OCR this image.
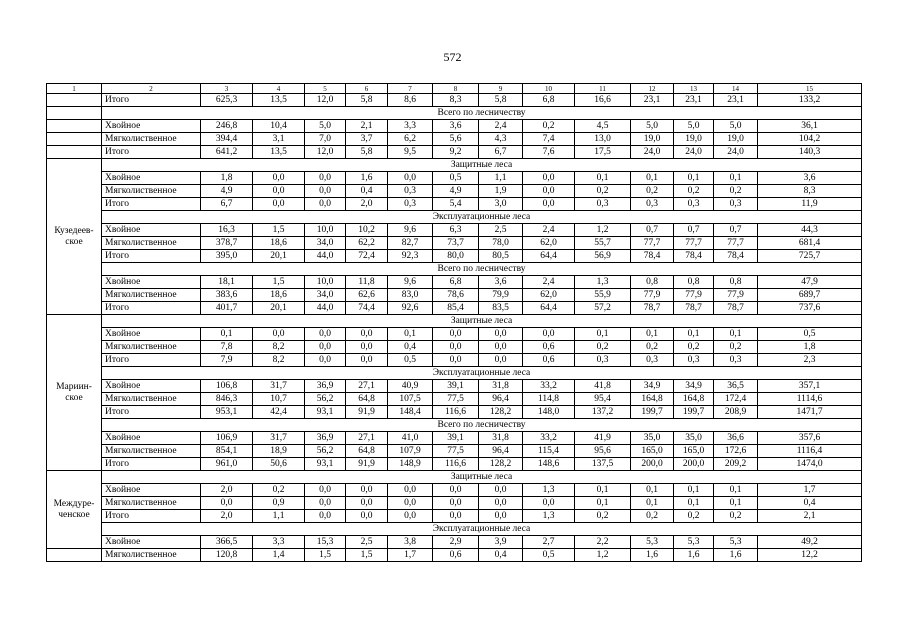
572
1	2	3	4	5	6	7	8	9	10	11	12	13	14	15
	Итого	625,3	13,5	12,0	5,8	8,6	8,3	5,8	6,8	16,6	23,1	23,1	23,1	133,2
	Всего по лесничеству													
	Хвойное	246,8	10,4	5,0	2,1	3,3	3,6	2,4	0,2	4,5	5,0	5,0	5,0	36,1
	Мягколиственное	394,4	3,1	7,0	3,7	6,2	5,6	4,3	7,4	13,0	19,0	19,0	19,0	104,2
	Итого	641,2	13,5	12,0	5,8	9,5	9,2	6,7	7,6	17,5	24,0	24,0	24,0	140,3
Кузедеев-
ское	Защитные леса													
	Хвойное	1,8	0,0	0,0	1,6	0,0	0,5	1,1	0,0	0,1	0,1	0,1	0,1	3,6
	Мягколиственное	4,9	0,0	0,0	0,4	0,3	4,9	1,9	0,0	0,2	0,2	0,2	0,2	8,3
	Итого	6,7	0,0	0,0	2,0	0,3	5,4	3,0	0,0	0,3	0,3	0,3	0,3	11,9
	Эксплуатационные леса													
	Хвойное	16,3	1,5	10,0	10,2	9,6	6,3	2,5	2,4	1,2	0,7	0,7	0,7	44,3
	Мягколиственное	378,7	18,6	34,0	62,2	82,7	73,7	78,0	62,0	55,7	77,7	77,7	77,7	681,4
	Итого	395,0	20,1	44,0	72,4	92,3	80,0	80,5	64,4	56,9	78,4	78,4	78,4	725,7
	Всего по лесничеству													
	Хвойное	18,1	1,5	10,0	11,8	9,6	6,8	3,6	2,4	1,3	0,8	0,8	0,8	47,9
	Мягколиственное	383,6	18,6	34,0	62,6	83,0	78,6	79,9	62,0	55,9	77,9	77,9	77,9	689,7
	Итого	401,7	20,1	44,0	74,4	92,6	85,4	83,5	64,4	57,2	78,7	78,7	78,7	737,6
Мариин-
ское	Защитные леса													
	Хвойное	0,1	0,0	0,0	0,0	0,1	0,0	0,0	0,0	0,1	0,1	0,1	0,1	0,5
	Мягколиственное	7,8	8,2	0,0	0,0	0,4	0,0	0,0	0,6	0,2	0,2	0,2	0,2	1,8
	Итого	7,9	8,2	0,0	0,0	0,5	0,0	0,0	0,6	0,3	0,3	0,3	0,3	2,3
	Эксплуатационные леса													
	Хвойное	106,8	31,7	36,9	27,1	40,9	39,1	31,8	33,2	41,8	34,9	34,9	36,5	357,1
	Мягколиственное	846,3	10,7	56,2	64,8	107,5	77,5	96,4	114,8	95,4	164,8	164,8	172,4	1114,6
	Итого	953,1	42,4	93,1	91,9	148,4	116,6	128,2	148,0	137,2	199,7	199,7	208,9	1471,7
	Всего по лесничеству													
	Хвойное	106,9	31,7	36,9	27,1	41,0	39,1	31,8	33,2	41,9	35,0	35,0	36,6	357,6
	Мягколиственное	854,1	18,9	56,2	64,8	107,9	77,5	96,4	115,4	95,6	165,0	165,0	172,6	1116,4
	Итого	961,0	50,6	93,1	91,9	148,9	116,6	128,2	148,6	137,5	200,0	200,0	209,2	1474,0
Междуре-
ченское	Защитные леса													
	Хвойное	2,0	0,2	0,0	0,0	0,0	0,0	0,0	1,3	0,1	0,1	0,1	0,1	1,7
	Мягколиственное	0,0	0,9	0,0	0,0	0,0	0,0	0,0	0,0	0,1	0,1	0,1	0,1	0,4
	Итого	2,0	1,1	0,0	0,0	0,0	0,0	0,0	1,3	0,2	0,2	0,2	0,2	2,1
	Эксплуатационные леса													
	Хвойное	366,5	3,3	15,3	2,5	3,8	2,9	3,9	2,7	2,2	5,3	5,3	5,3	49,2
	Мягколиственное	120,8	1,4	1,5	1,5	1,7	0,6	0,4	0,5	1,2	1,6	1,6	1,6	12,2
